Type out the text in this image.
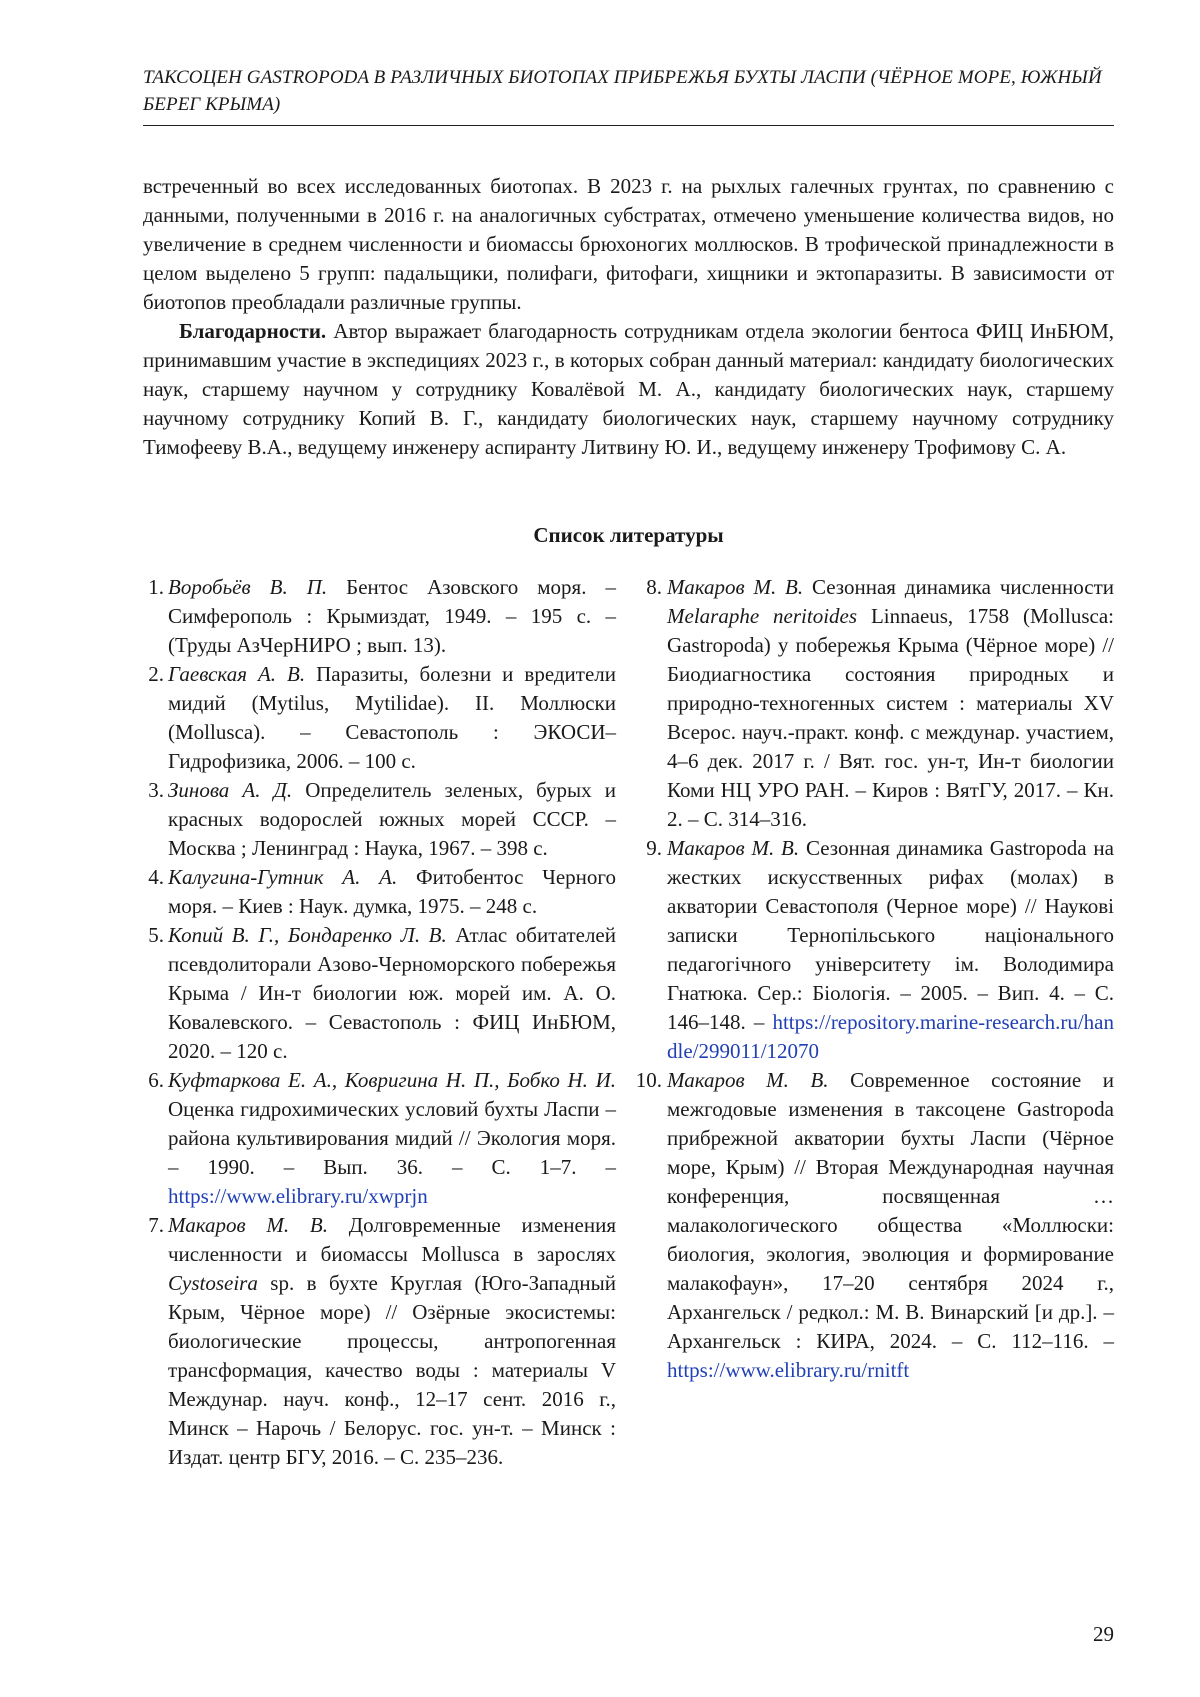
ТАКСОЦЕН GASTROPODA В РАЗЛИЧНЫХ БИОТОПАХ ПРИБРЕЖЬЯ БУХТЫ ЛАСПИ (ЧЁРНОЕ МОРЕ, ЮЖНЫЙ БЕРЕГ КРЫМА)

встреченный во всех исследованных биотопах. В 2023 г. на рыхлых галечных грунтах, по сравнению с данными, полученными в 2016 г. на аналогичных субстратах, отмечено уменьшение количества видов, но увеличение в среднем численности и биомассы брюхоногих моллюсков. В трофической принадлежности в целом выделено 5 групп: падальщики, полифаги, фитофаги, хищники и эктопаразиты. В зависимости от биотопов преобладали различные группы.

Благодарности. Автор выражает благодарность сотрудникам отдела экологии бентоса ФИЦ ИнБЮМ, принимавшим участие в экспедициях 2023 г., в которых собран данный материал: кандидату биологических наук, старшему научном у сотруднику Ковалёвой М. А., кандидату биологических наук, старшему научному сотруднику Копий В. Г., кандидату биологических наук, старшему научному сотруднику Тимофееву В.А., ведущему инженеру аспиранту Литвину Ю. И., ведущему инженеру Трофимову С. А.

Список литературы
1. Воробьёв В. П. Бентос Азовского моря. – Симферополь : Крымиздат, 1949. – 195 с. – (Труды АзЧерНИРО ; вып. 13).
2. Гаевская А. В. Паразиты, болезни и вредители мидий (Mytilus, Mytilidae). II. Моллюски (Mollusca). – Севастополь : ЭКОСИ–Гидрофизика, 2006. – 100 с.
3. Зинова А. Д. Определитель зеленых, бурых и красных водорослей южных морей СССР. – Москва ; Ленинград : Наука, 1967. – 398 с.
4. Калугина-Гутник А. А. Фитобентос Черного моря. – Киев : Наук. думка, 1975. – 248 с.
5. Копий В. Г., Бондаренко Л. В. Атлас обитателей псевдолиторали Азово-Черноморского побережья Крыма / Ин-т биологии юж. морей им. А. О. Ковалевского. – Севастополь : ФИЦ ИнБЮМ, 2020. – 120 с.
6. Куфтаркова Е. А., Ковригина Н. П., Бобко Н. И. Оценка гидрохимических условий бухты Ласпи – района культивирования мидий // Экология моря. – 1990. – Вып. 36. – С. 1–7. – https://www.elibrary.ru/xwprjn
7. Макаров М. В. Долговременные изменения численности и биомассы Mollusca в зарослях Cystoseira sp. в бухте Круглая (Юго-Западный Крым, Чёрное море) // Озёрные экосистемы: биологические процессы, антропогенная трансформация, качество воды : материалы V Междунар. науч. конф., 12–17 сент. 2016 г., Минск – Нарочь / Белорус. гос. ун-т. – Минск : Издат. центр БГУ, 2016. – С. 235–236.
8. Макаров М. В. Сезонная динамика численности Melaraphe neritoides Linnaeus, 1758 (Mollusca: Gastropoda) у побережья Крыма (Чёрное море) // Биодиагностика состояния природных и природно-техногенных систем : материалы XV Всерос. науч.-практ. конф. с междунар. участием, 4–6 дек. 2017 г. / Вят. гос. ун-т, Ин-т биологии Коми НЦ УРО РАН. – Киров : ВятГУ, 2017. – Кн. 2. – С. 314–316.
9. Макаров М. В. Сезонная динамика Gastropoda на жестких искусственных рифах (молах) в акватории Севастополя (Черное море) // Наукові записки Тернопільського національного педагогічного університету ім. Володимира Гнатюка. Сер.: Біологія. – 2005. – Вип. 4. – С. 146–148. – https://repository.marine-research.ru/handle/299011/12070
10. Макаров М. В. Современное состояние и межгодовые изменения в таксоцене Gastropoda прибрежной акватории бухты Ласпи (Чёрное море, Крым) // Вторая Международная научная конференция, посвященная … малакологического общества «Моллюски: биология, экология, эволюция и формирование малакофаун», 17–20 сентября 2024 г., Архангельск / редкол.: М. В. Винарский [и др.]. – Архангельск : КИРА, 2024. – С. 112–116. – https://www.elibrary.ru/rnitft
29
